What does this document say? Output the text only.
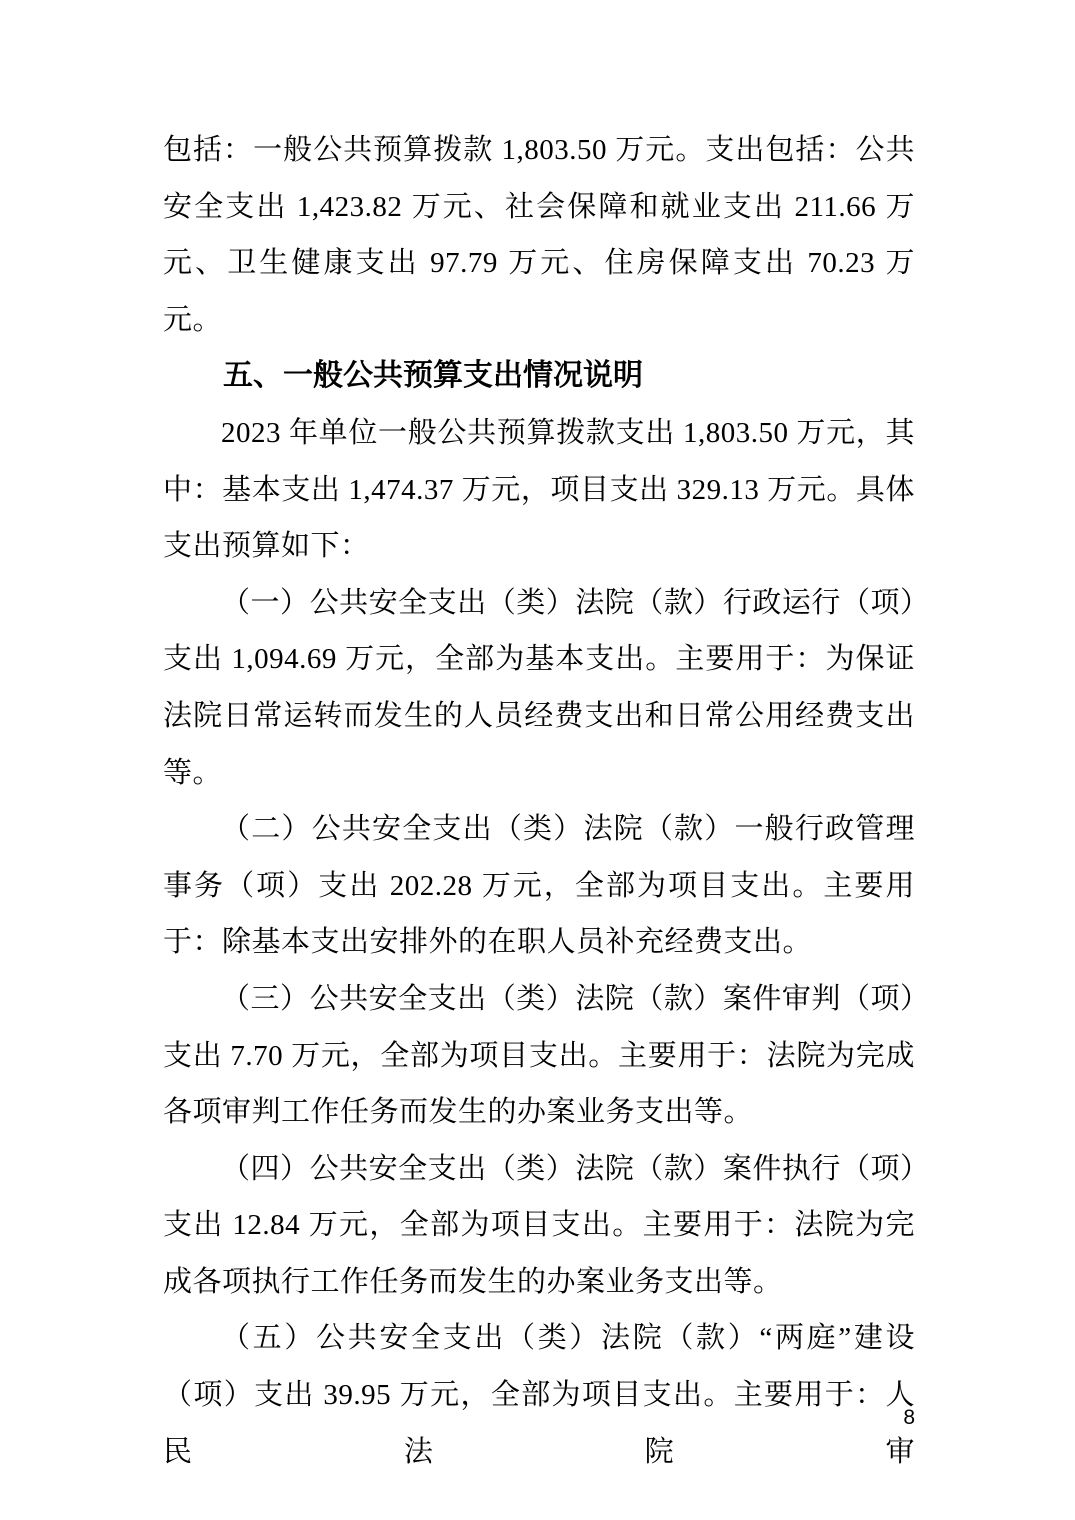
包括：一般公共预算拨款 1,803.50 万元。支出包括：公共安全支出 1,423.82 万元、社会保障和就业支出 211.66 万元、卫生健康支出 97.79 万元、住房保障支出 70.23 万元。

五、一般公共预算支出情况说明

2023 年单位一般公共预算拨款支出 1,803.50 万元，其中：基本支出 1,474.37 万元，项目支出 329.13 万元。具体支出预算如下：

（一）公共安全支出（类）法院（款）行政运行（项）支出 1,094.69 万元，全部为基本支出。主要用于：为保证法院日常运转而发生的人员经费支出和日常公用经费支出等。

（二）公共安全支出（类）法院（款）一般行政管理事务（项）支出 202.28 万元，全部为项目支出。主要用于：除基本支出安排外的在职人员补充经费支出。

（三）公共安全支出（类）法院（款）案件审判（项）支出 7.70 万元，全部为项目支出。主要用于：法院为完成各项审判工作任务而发生的办案业务支出等。

（四）公共安全支出（类）法院（款）案件执行（项）支出 12.84 万元，全部为项目支出。主要用于：法院为完成各项执行工作任务而发生的办案业务支出等。

（五）公共安全支出（类）法院（款）“两庭”建设（项）支出 39.95 万元，全部为项目支出。主要用于：人民法院审

8
